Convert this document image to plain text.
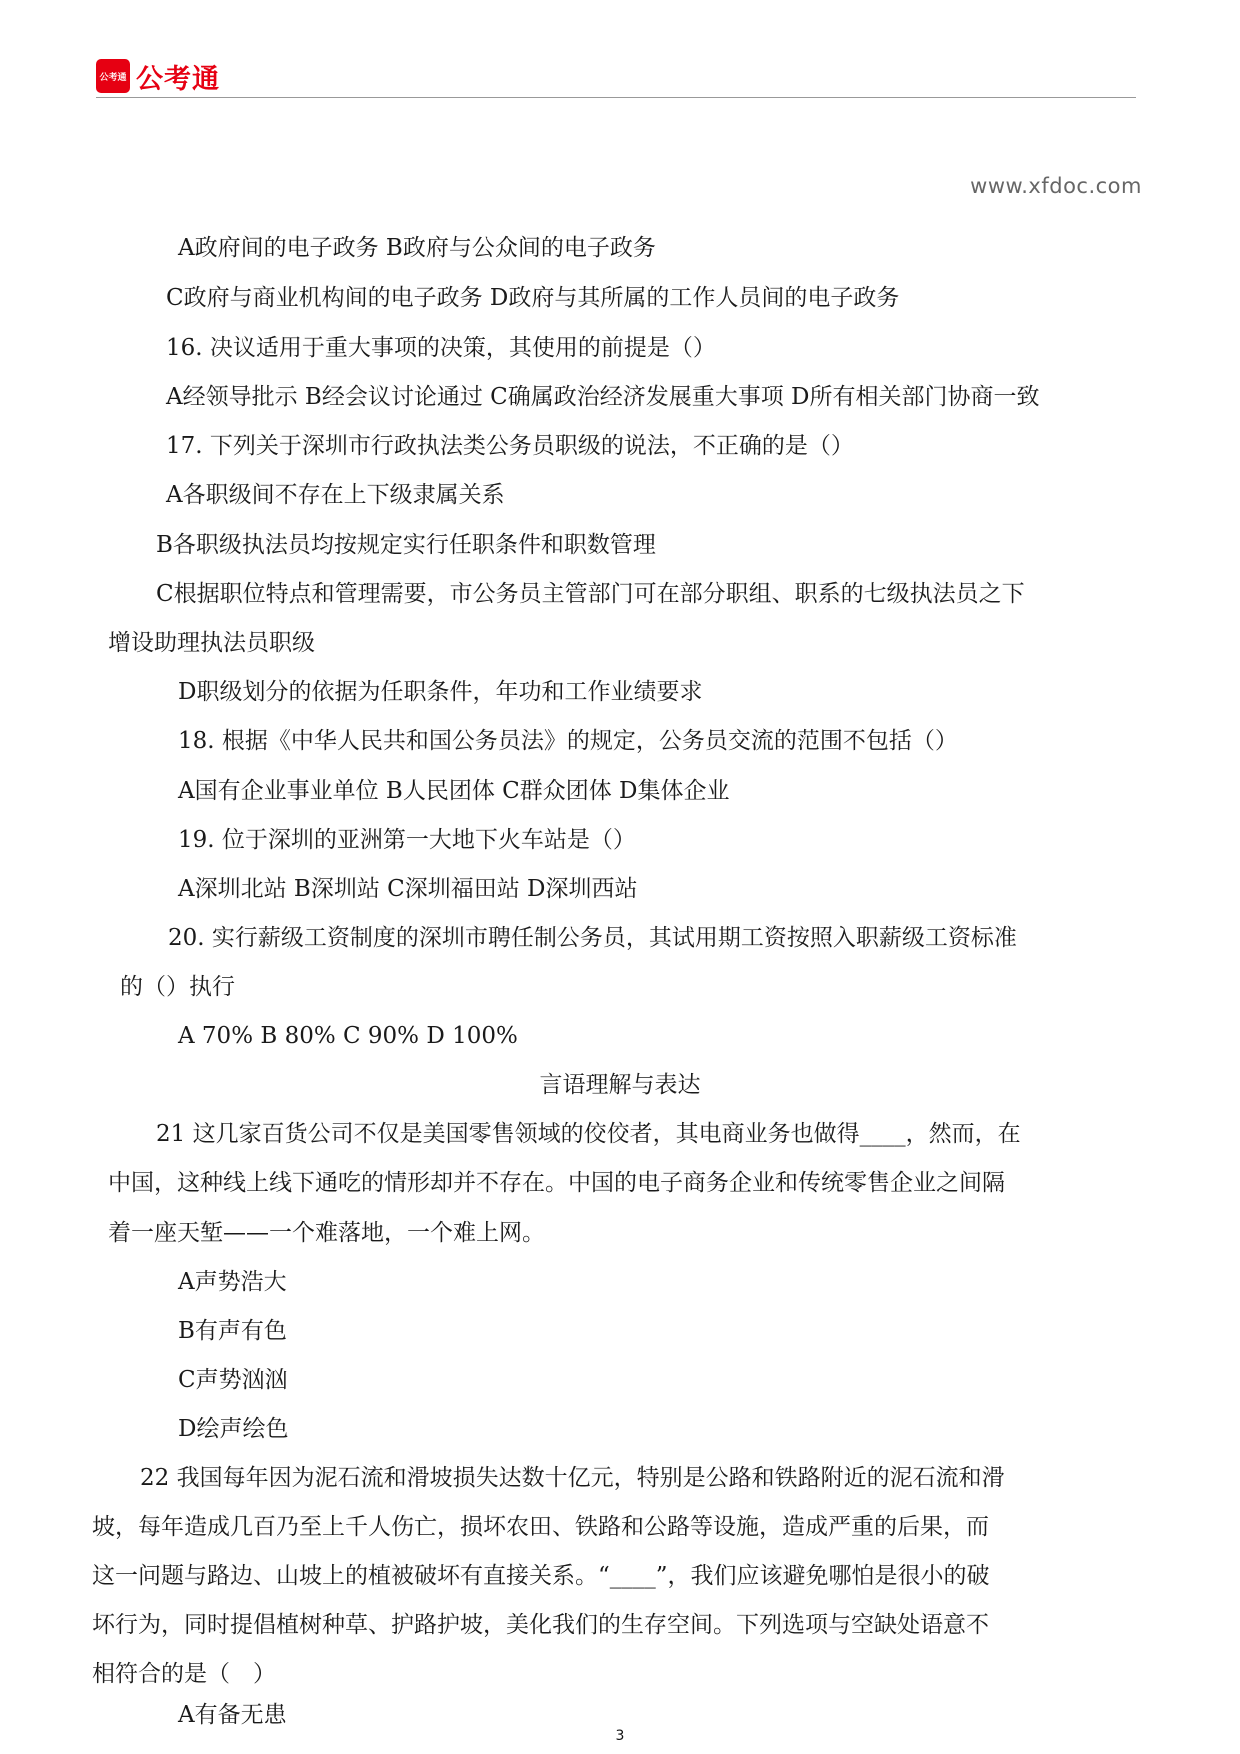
公考通 公考通
www.xfdoc.com
A政府间的电子政务 B政府与公众间的电子政务
C政府与商业机构间的电子政务 D政府与其所属的工作人员间的电子政务
16. 决议适用于重大事项的决策，其使用的前提是（）
A经领导批示 B经会议讨论通过 C确属政治经济发展重大事项 D所有相关部门协商一致
17. 下列关于深圳市行政执法类公务员职级的说法，不正确的是（）
A各职级间不存在上下级隶属关系
B各职级执法员均按规定实行任职条件和职数管理
C根据职位特点和管理需要，市公务员主管部门可在部分职组、职系的七级执法员之下
增设助理执法员职级
D职级划分的依据为任职条件，年功和工作业绩要求
18. 根据《中华人民共和国公务员法》的规定，公务员交流的范围不包括（）
A国有企业事业单位 B人民团体 C群众团体 D集体企业
19. 位于深圳的亚洲第一大地下火车站是（）
A深圳北站 B深圳站 C深圳福田站 D深圳西站
20. 实行薪级工资制度的深圳市聘任制公务员，其试用期工资按照入职薪级工资标准
的（）执行
A 70% B 80% C 90% D 100%
言语理解与表达
21 这几家百货公司不仅是美国零售领域的佼佼者，其电商业务也做得____，然而，在
中国，这种线上线下通吃的情形却并不存在。中国的电子商务企业和传统零售企业之间隔
着一座天堑——一个难落地，一个难上网。
A声势浩大
B有声有色
C声势汹汹
D绘声绘色
22 我国每年因为泥石流和滑坡损失达数十亿元，特别是公路和铁路附近的泥石流和滑
坡，每年造成几百乃至上千人伤亡，损坏农田、铁路和公路等设施，造成严重的后果，而
这一问题与路边、山坡上的植被破坏有直接关系。“____”，我们应该避免哪怕是很小的破
坏行为，同时提倡植树种草、护路护坡，美化我们的生存空间。下列选项与空缺处语意不
相符合的是（　）
A有备无患
3
